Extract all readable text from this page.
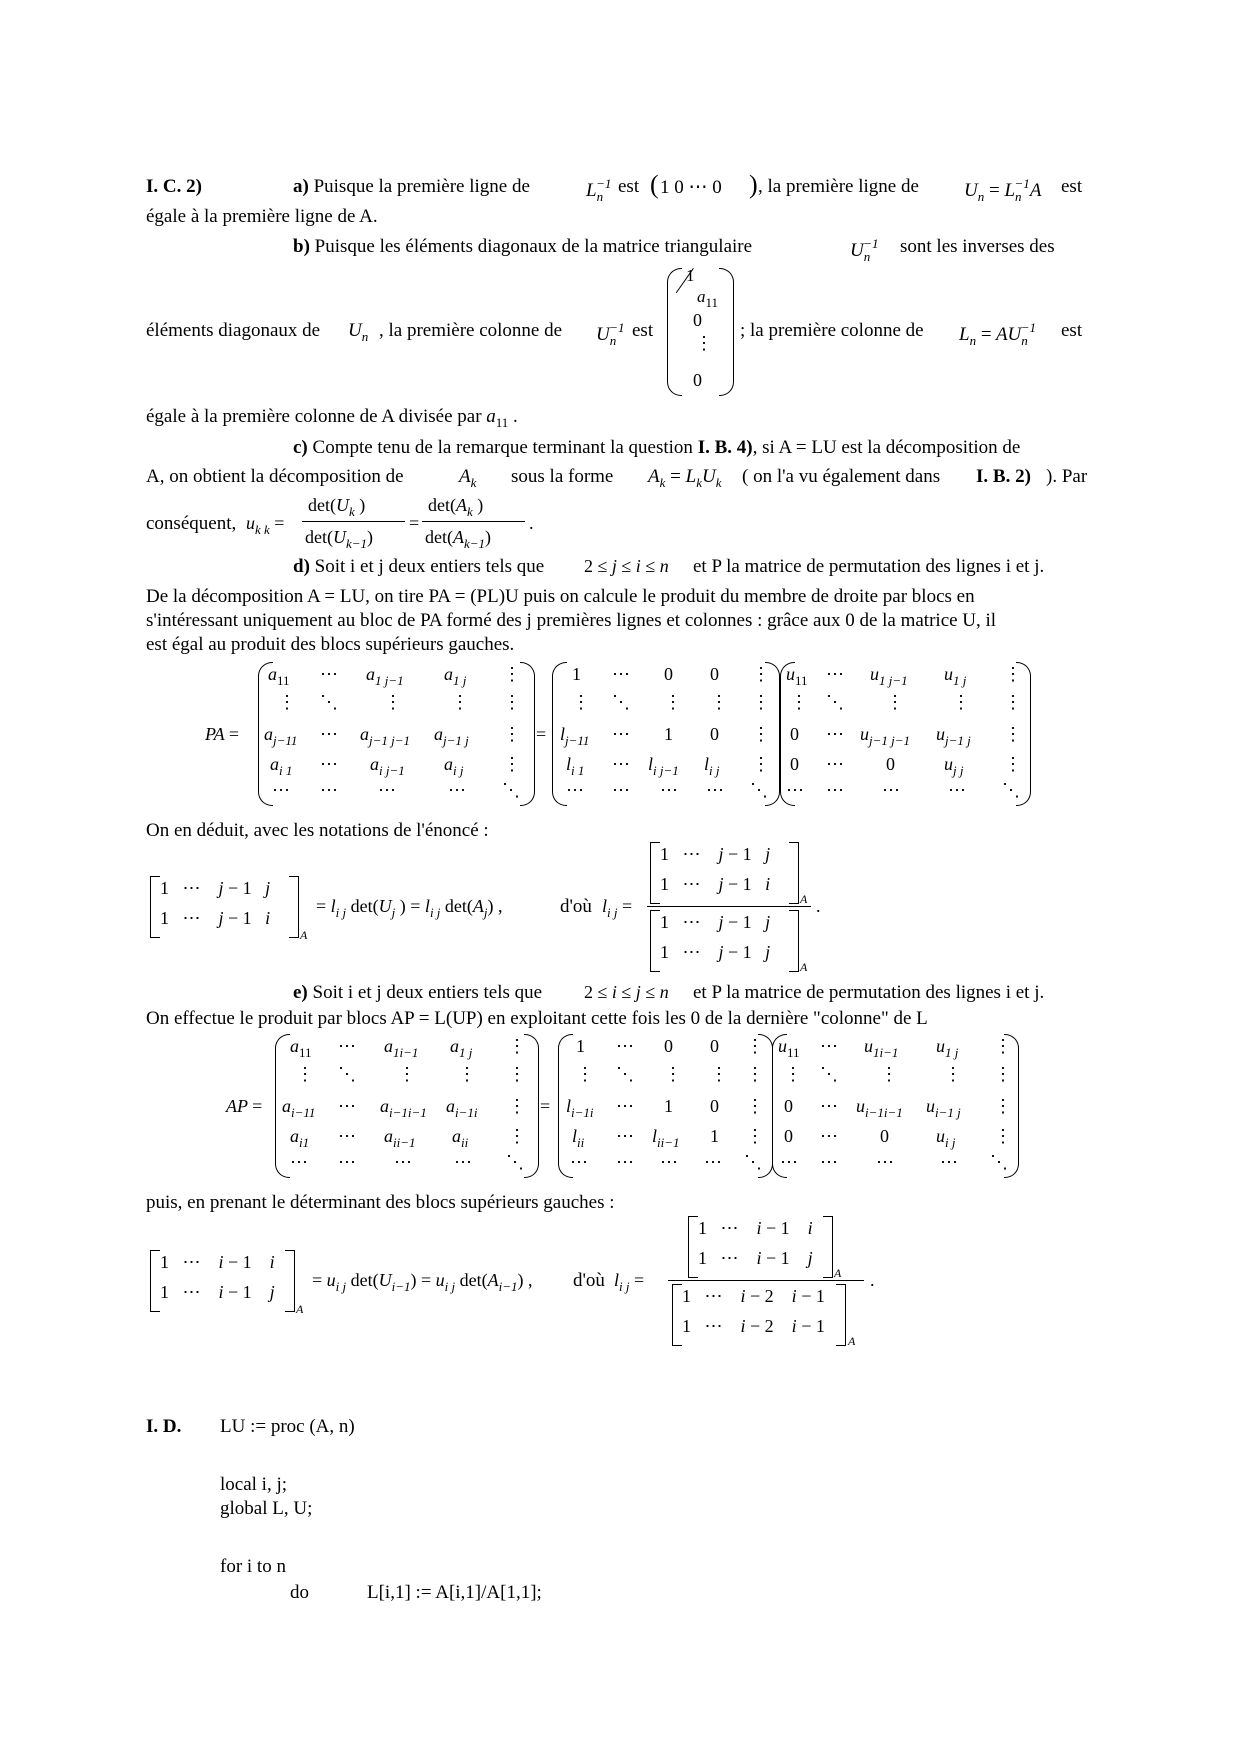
I. C. 2)	a) Puisque la première ligne de	$L_n^{-1}$ est ( 1 0 ⋯ 0 ) , la première ligne de $U_n = L_n^{-1}A$ est
égale à la première ligne de A.
b) Puisque les éléments diagonaux de la matrice triangulaire	$U_n^{-1}$ sont les inverses des
1
$a_{11}$
0
⋮
0
éléments diagonaux de $U_n$ , la première colonne de $U_n^{-1}$ est	; la première colonne de $L_n = AU_n^{-1}$ est
égale à la première colonne de A divisée par $a_{11}$ .
c) Compte tenu de la remarque terminant la question I. B. 4), si A = LU est la décomposition de
A, on obtient la décomposition de	$A_k$ sous la forme $A_k = L_kU_k$ ( on l'a vu également dans I. B. 2) ). Par
conséquent, $u_{k k}$ =
$\det(U_k$ )
$\det(U_{k-1})$
=
$\det(A_k$ )
$\det(A_{k-1})$
.
d) Soit i et j deux entiers tels que 2 ≤ j ≤ i ≤ n et P la matrice de permutation des lignes i et j.
De la décomposition A = LU, on tire PA = (PL)U puis on calcule le produit du membre de droite par blocs en
s'intéressant uniquement au bloc de PA formé des j premières lignes et colonnes : grâce aux 0 de la matrice U, il
est égal au produit des blocs supérieurs gauches.
PA =
$a_{11}$ ⋯ $a_{1 j-1}$ $a_{1 j}$ ⋮
⋮ ⋱	⋮	⋮ ⋮
$a_{j-11}$ ⋯ $a_{j-1 j-1}$ $a_{j-1 j}$ ⋮
$a_{i 1}$ ⋯ $a_{i j-1}$ $a_{i j}$ ⋮
⋯ ⋯ ⋯	⋯ ⋱
=
1 ⋯ 0 0 ⋮
⋮ ⋱ ⋮ ⋮ ⋮
$l_{j-11}$ ⋯ 1 0 ⋮
$l_{i 1}$ ⋯ $l_{i j-1}$ $l_{i j}$ ⋮
⋯ ⋯ ⋯ ⋯ ⋱
$u_{11}$ ⋯ $u_{1 j-1}$ $u_{1 j}$ ⋮
⋮ ⋱ ⋮	⋮ ⋮
0 ⋯ $u_{j-1 j-1}$ $u_{j-1 j}$ ⋮
0 ⋯ 0	$u_{j j}$ ⋮
⋯ ⋯ ⋯	⋯ ⋱
On en déduit, avec les notations de l'énoncé :
1   ⋯    j − 1   j
1   ⋯    j − 1   i
A
= $l_{i j}$ $\det(U_j$ ) = $l_{i j}$ $\det(A_j)$ ,	d'où $l_{i j}$ =
1   ⋯    j − 1   j
1   ⋯    j − 1   i
A
1   ⋯    j − 1   j
1   ⋯    j − 1   j
A
.
e) Soit i et j deux entiers tels que 2 ≤ i ≤ j ≤ n et P la matrice de permutation des lignes i et j.
On effectue le produit par blocs AP = L(UP) en exploitant cette fois les 0 de la dernière "colonne" de L
AP =
$a_{11}$ ⋯ $a_{1i-1}$ $a_{1 j}$ ⋮
⋮ ⋱ ⋮ ⋮ ⋮
$a_{i-11}$ ⋯ $a_{i-1i-1}$ $a_{i-1i}$ ⋮
$a_{i1}$ ⋯ $a_{ii-1}$ $a_{ii}$ ⋮
⋯ ⋯ ⋯ ⋯ ⋱
=
1 ⋯ 0 0 ⋮
⋮ ⋱ ⋮ ⋮ ⋮
$l_{i-1i}$ ⋯ 1 0 ⋮
$l_{ii}$ ⋯ $l_{ii-1}$ 1 ⋮
⋯ ⋯ ⋯ ⋯ ⋱
$u_{11}$ ⋯ $u_{1i-1}$ $u_{1 j}$ ⋮
⋮ ⋱ ⋮	⋮ ⋮
0 ⋯ $u_{i-1i-1}$ $u_{i-1 j}$ ⋮
0 ⋯ 0	$u_{i j}$ ⋮
⋯ ⋯ ⋯	⋯ ⋱
puis, en prenant le déterminant des blocs supérieurs gauches :
1   ⋯    i − 1    i
1   ⋯    i − 1    j
A
= $u_{i j}$ $\det(U_{i-1}) = u_{i j}$ $\det(A_{i-1})$ , d'où $l_{i j}$ =
1   ⋯    i − 1    i
1   ⋯    i − 1    j
A
1   ⋯    i − 2    i − 1
1   ⋯    i − 2    i − 1
A
.
I. D. LU := proc (A, n)
local i, j;
global L, U;
for i to n
do	L[i,1] := A[i,1]/A[1,1];
